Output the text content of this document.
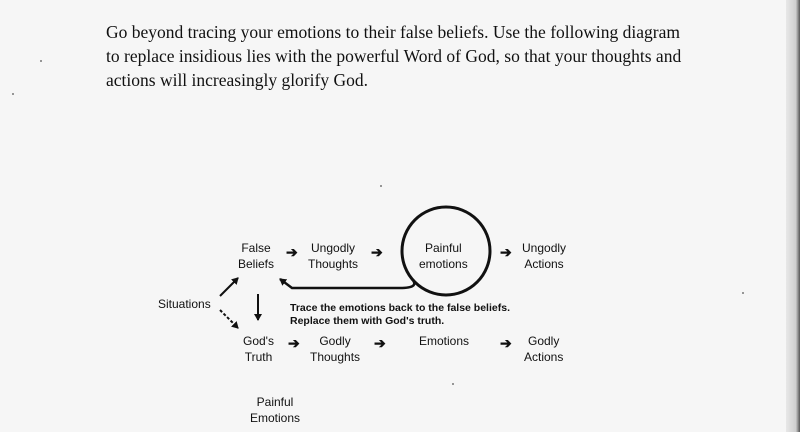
Go beyond tracing your emotions to their false beliefs. Use the following diagram
to replace insidious lies with the powerful Word of God, so that your thoughts and
actions will increasingly glorify God.

False
Beliefs
➔ Ungodly
Thoughts
➔	Painful
emotions
➔ Ungodly
Actions
Situations	Trace the emotions back to the false beliefs.
Replace them with God's truth.
God's
Truth
➔	Godly
Thoughts
➔	Emotions ➔	Godly
Actions
Painful
Emotions
